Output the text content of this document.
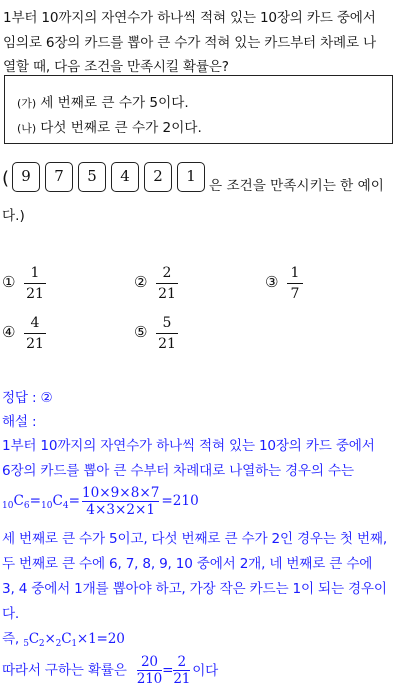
1부터 10까지의 자연수가 하나씩 적혀 있는 10장의 카드 중에서
임의로 6장의 카드를 뽑아 큰 수가 적혀 있는 카드부터 차례로 나
열할 때, 다음 조건을 만족시킬 확률은?
(가) 세 번째로 큰 수가 5이다.
(나) 다섯 번째로 큰 수가 2이다.
( 9	7	5	4	2	1
은 조건을 만족시키는 한 예이
다.)
①	1
21
②	2
21
③ 1
7
④	4
21
⑤	5
21
정답 : ②
해설 :
1부터 10까지의 자연수가 하나씩 적혀 있는 10장의 카드 중에서
6장의 카드를 뽑아 큰 수부터 차례대로 나열하는 경우의 수는
$_{10}C_6=_{10}C_4= \frac{10\times 9\times 8\times 7}{4\times 3\times 2\times 1} =210$
세 번째로 큰 수가 5이고, 다섯 번째로 큰 수가 2인 경우는 첫 번째,
두 번째로 큰 수에 6, 7, 8, 9, 10 중에서 2개, 네 번째로 큰 수에
3, 4 중에서 1개를 뽑아야 하고, 가장 작은 카드는 1이 되는 경우이
다.
즉, $_5C_2\times_2C_1\times 1=20$
따라서 구하는 확률은 $\frac{20}{210}=\frac{2}{21}$ 이다
